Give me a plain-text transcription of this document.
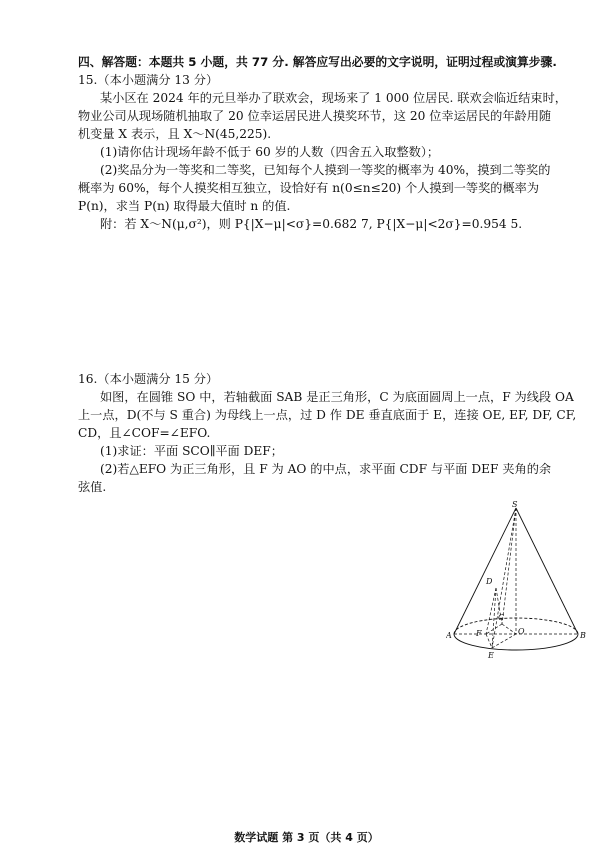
四、解答题：本题共 5 小题，共 77 分. 解答应写出必要的文字说明，证明过程或演算步骤.
15.（本小题满分 13 分）
某小区在 2024 年的元旦举办了联欢会，现场来了 1 000 位居民. 联欢会临近结束时，
物业公司从现场随机抽取了 20 位幸运居民进人摸奖环节，这 20 位幸运居民的年龄用随
机变量 X 表示，且 X～N(45,225).
(1)请你估计现场年龄不低于 60 岁的人数（四舍五入取整数）；
(2)奖品分为一等奖和二等奖，已知每个人摸到一等奖的概率为 40%，摸到二等奖的
概率为 60%，每个人摸奖相互独立，设恰好有 n(0≤n≤20) 个人摸到一等奖的概率为
P(n)，求当 P(n) 取得最大值时 n 的值.
附：若 X～N(μ,σ²)，则 P{|X−μ|<σ}=0.682 7, P{|X−μ|<2σ}=0.954 5.
16.（本小题满分 15 分）
如图，在圆锥 SO 中，若轴截面 SAB 是正三角形，C 为底面圆周上一点，F 为线段 OA
上一点，D(不与 S 重合) 为母线上一点，过 D 作 DE 垂直底面于 E，连接 OE, EF, DF, CF,
CD，且∠COF=∠EFO.
(1)求证：平面 SCO∥平面 DEF；
(2)若△EFO 为正三角形，且 F 为 AO 的中点，求平面 CDF 与平面 DEF 夹角的余
弦值.
S
D
C
F	O
A	B
E
数学试题 第 3 页（共 4 页）
